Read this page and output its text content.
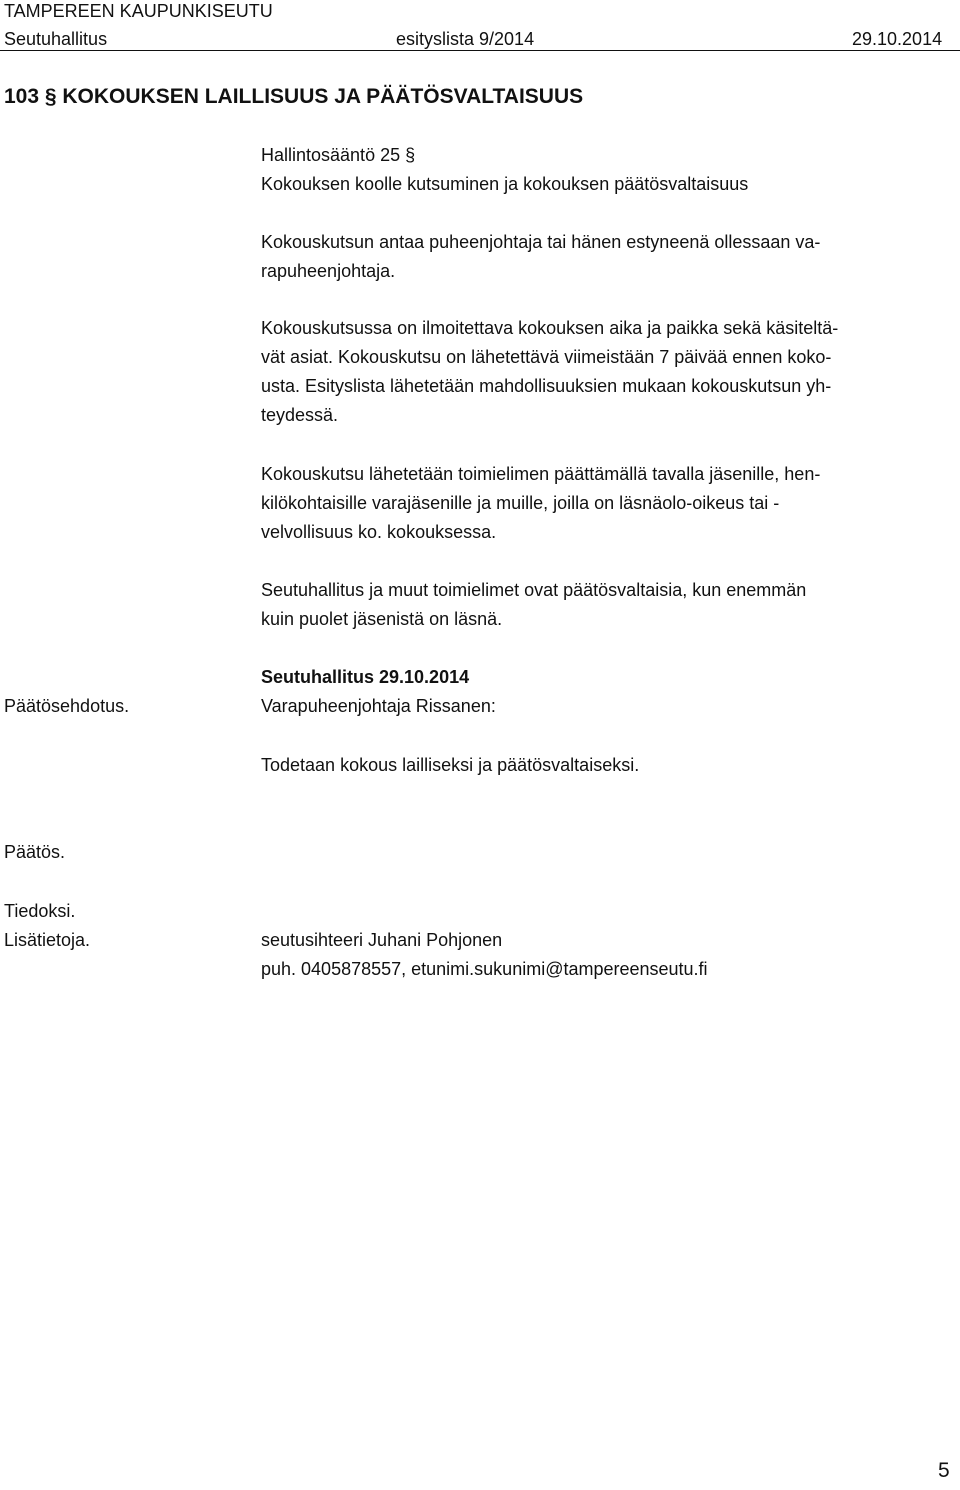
TAMPEREEN KAUPUNKISEUTU
Seutuhallitus	esityslista 9/2014	29.10.2014
103 § KOKOUKSEN LAILLISUUS JA PÄÄTÖSVALTAISUUS
Hallintosääntö 25 §
Kokouksen koolle kutsuminen ja kokouksen päätösvaltaisuus
Kokouskutsun antaa puheenjohtaja tai hänen estyneenä ollessaan va-
rapuheenjohtaja.
Kokouskutsussa on ilmoitettava kokouksen aika ja paikka sekä käsiteltä-
vät asiat. Kokouskutsu on lähetettävä viimeistään 7 päivää ennen koko-
usta. Esityslista lähetetään mahdollisuuksien mukaan kokouskutsun yh-
teydessä.
Kokouskutsu lähetetään toimielimen päättämällä tavalla jäsenille, hen-
kilökohtaisille varajäsenille ja muille, joilla on läsnäolo-oikeus tai -
velvollisuus ko. kokouksessa.
Seutuhallitus ja muut toimielimet ovat päätösvaltaisia, kun enemmän
kuin puolet jäsenistä on läsnä.
Seutuhallitus 29.10.2014
Päätösehdotus.	Varapuheenjohtaja Rissanen:
Todetaan kokous lailliseksi ja päätösvaltaiseksi.
Päätös.
Tiedoksi.
Lisätietoja.	seutusihteeri Juhani Pohjonen
puh. 0405878557, etunimi.sukunimi@tampereenseutu.fi
5
